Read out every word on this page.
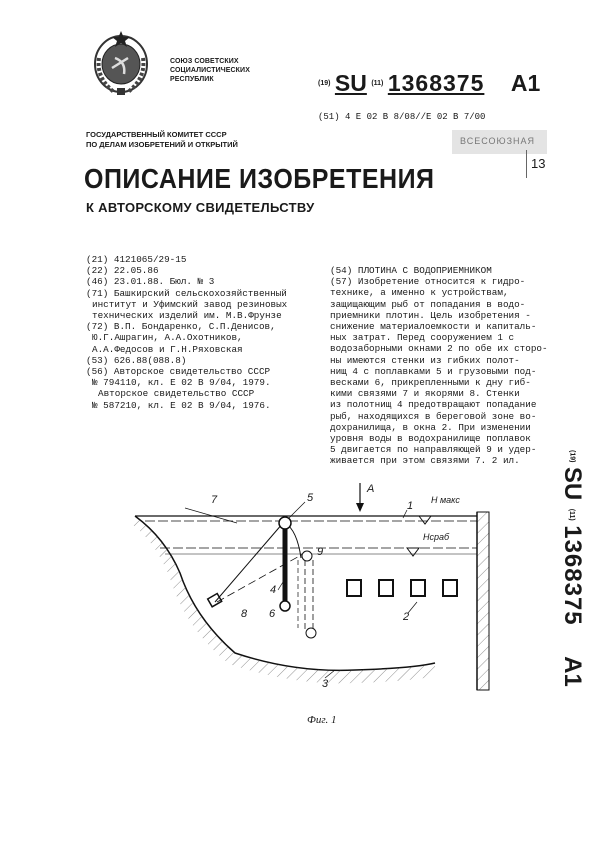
СОЮЗ СОВЕТСКИХ
СОЦИАЛИСТИЧЕСКИХ
РЕСПУБЛИК
(19) SU (11) 1368375 A1
(51) 4 E 02 B 8/08//E 02 B 7/00
ГОСУДАРСТВЕННЫЙ КОМИТЕТ СССР
ПО ДЕЛАМ ИЗОБРЕТЕНИЙ И ОТКРЫТИЙ	ВСЕСОЮЗНАЯ
13
ОПИСАНИЕ ИЗОБРЕТЕНИЯ
К АВТОРСКОМУ СВИДЕТЕЛЬСТВУ
(21) 4121065/29-15
(22) 22.05.86
(46) 23.01.88. Бюл. № 3
(71) Башкирский сельскохозяйственный
институт и Уфимский завод резиновых
технических изделий им. М.В.Фрунзе
(72) В.П. Бондаренко, С.П.Денисов,
Ю.Г.Ашрагин, А.А.Охотников,
А.А.Федосов и Г.Н.Ряховская
(53) 626.88(088.8)
(56) Авторское свидетельство СССР
№ 794110, кл. E 02 B 9/04, 1979.
Авторское свидетельство СССР
№ 587210, кл. E 02 B 9/04, 1976.
(54) ПЛОТИНА С ВОДОПРИЕМНИКОМ
(57) Изобретение относится к гидро-
технике, а именно к устройствам,
защищающим рыб от попадания в водо-
приемники плотин. Цель изобретения -
снижение материалоемкости и капиталь-
ных затрат. Перед сооружением 1 с
водозаборными окнами 2 по обе их сторо-
ны имеются стенки из гибких полот-
нищ 4 с поплавками 5 и грузовыми под-
весками 6, прикрепленными к дну гиб-
кими связями 7 и якорями 8. Стенки
из полотнищ 4 предотвращают попадание
рыб, находящихся в береговой зоне во-
дохранилища, в окна 2. При изменении
уровня воды в водохранилище поплавок
5 двигается по направляющей 9 и удер-
живается при этом связями 7. 2 ил.	(19) SU (11) 1368375 A1
A
Н макс
Нсраб
1
2
3
4
5
6
7
8
9
Фиг. 1
